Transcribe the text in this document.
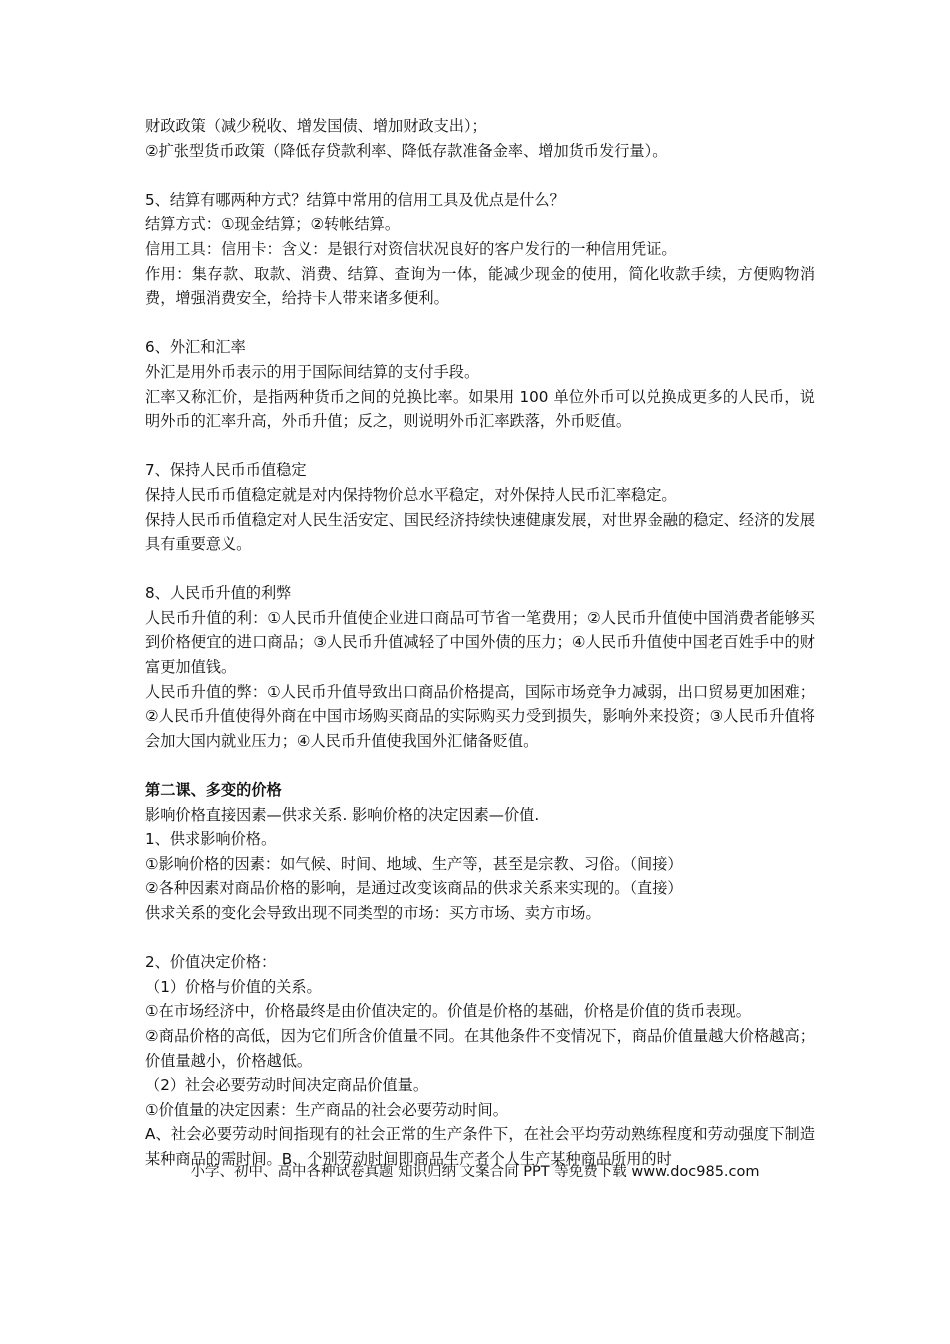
财政政策（减少税收、增发国债、增加财政支出）；

②扩张型货币政策（降低存贷款利率、降低存款准备金率、增加货币发行量）。

5、结算有哪两种方式？结算中常用的信用工具及优点是什么？

结算方式：①现金结算；②转帐结算。

信用工具：信用卡：含义：是银行对资信状况良好的客户发行的一种信用凭证。

作用：集存款、取款、消费、结算、查询为一体，能减少现金的使用，简化收款手续，方便购物消费，增强消费安全，给持卡人带来诸多便利。

6、外汇和汇率

外汇是用外币表示的用于国际间结算的支付手段。

汇率又称汇价，是指两种货币之间的兑换比率。如果用 100 单位外币可以兑换成更多的人民币，说明外币的汇率升高，外币升值；反之，则说明外币汇率跌落，外币贬值。

7、保持人民币币值稳定

保持人民币币值稳定就是对内保持物价总水平稳定，对外保持人民币汇率稳定。

保持人民币币值稳定对人民生活安定、国民经济持续快速健康发展，对世界金融的稳定、经济的发展具有重要意义。

8、人民币升值的利弊

人民币升值的利：①人民币升值使企业进口商品可节省一笔费用；②人民币升值使中国消费者能够买到价格便宜的进口商品；③人民币升值减轻了中国外债的压力；④人民币升值使中国老百姓手中的财富更加值钱。

人民币升值的弊：①人民币升值导致出口商品价格提高，国际市场竞争力减弱，出口贸易更加困难；②人民币升值使得外商在中国市场购买商品的实际购买力受到损失，影响外来投资；③人民币升值将会加大国内就业压力；④人民币升值使我国外汇储备贬值。

第二课、多变的价格

影响价格直接因素—供求关系. 影响价格的决定因素—价值.

1、供求影响价格。

①影响价格的因素：如气候、时间、地域、生产等，甚至是宗教、习俗。（间接）

②各种因素对商品价格的影响，是通过改变该商品的供求关系来实现的。（直接）

供求关系的变化会导致出现不同类型的市场：买方市场、卖方市场。

2、价值决定价格：

（1）价格与价值的关系。

①在市场经济中，价格最终是由价值决定的。价值是价格的基础，价格是价值的货币表现。

②商品价格的高低，因为它们所含价值量不同。在其他条件不变情况下，商品价值量越大价格越高；价值量越小，价格越低。

（2）社会必要劳动时间决定商品价值量。

①价值量的决定因素：生产商品的社会必要劳动时间。

A、社会必要劳动时间指现有的社会正常的生产条件下，在社会平均劳动熟练程度和劳动强度下制造某种商品的需时间。B、个别劳动时间即商品生产者个人生产某种商品所用的时

小学、初中、高中各种试卷真题 知识归纳 文案合同 PPT 等免费下载 www.doc985.com
